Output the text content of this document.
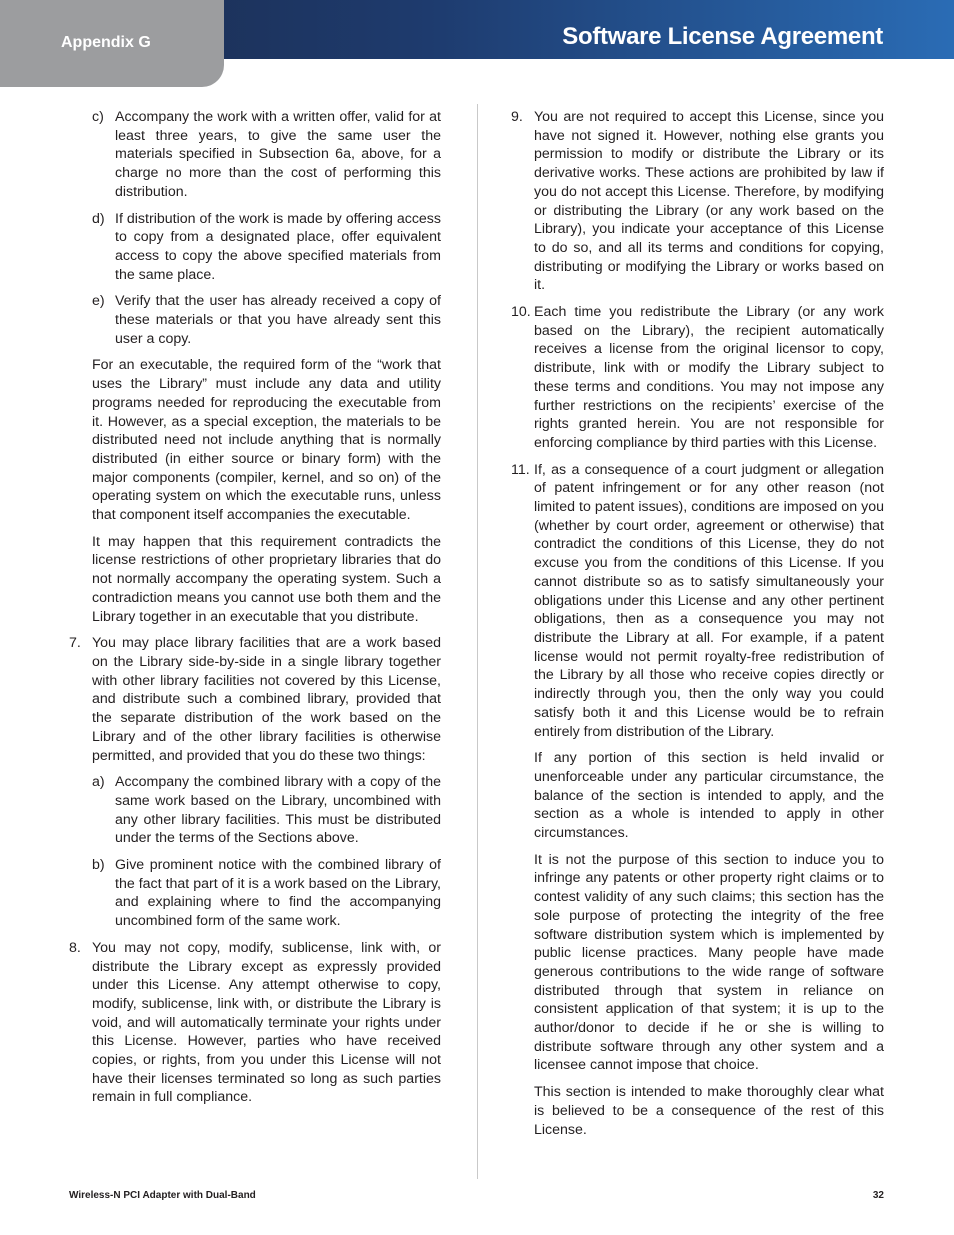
Appendix G	Software License Agreement
c) Accompany the work with a written offer, valid for at least three years, to give the same user the materials specified in Subsection 6a, above, for a charge no more than the cost of performing this distribution.
d) If distribution of the work is made by offering access to copy from a designated place, offer equivalent access to copy the above specified materials from the same place.
e) Verify that the user has already received a copy of these materials or that you have already sent this user a copy.
For an executable, the required form of the “work that uses the Library” must include any data and utility programs needed for reproducing the executable from it. However, as a special exception, the materials to be distributed need not include anything that is normally distributed (in either source or binary form) with the major components (compiler, kernel, and so on) of the operating system on which the executable runs, unless that component itself accompanies the executable.
It may happen that this requirement contradicts the license restrictions of other proprietary libraries that do not normally accompany the operating system. Such a contradiction means you cannot use both them and the Library together in an executable that you distribute.
7. You may place library facilities that are a work based on the Library side-by-side in a single library together with other library facilities not covered by this License, and distribute such a combined library, provided that the separate distribution of the work based on the Library and of the other library facilities is otherwise permitted, and provided that you do these two things:
a) Accompany the combined library with a copy of the same work based on the Library, uncombined with any other library facilities. This must be distributed under the terms of the Sections above.
b) Give prominent notice with the combined library of the fact that part of it is a work based on the Library, and explaining where to find the accompanying uncombined form of the same work.
8. You may not copy, modify, sublicense, link with, or distribute the Library except as expressly provided under this License. Any attempt otherwise to copy, modify, sublicense, link with, or distribute the Library is void, and will automatically terminate your rights under this License. However, parties who have received copies, or rights, from you under this License will not have their licenses terminated so long as such parties remain in full compliance.
9. You are not required to accept this License, since you have not signed it. However, nothing else grants you permission to modify or distribute the Library or its derivative works. These actions are prohibited by law if you do not accept this License. Therefore, by modifying or distributing the Library (or any work based on the Library), you indicate your acceptance of this License to do so, and all its terms and conditions for copying, distributing or modifying the Library or works based on it.
10. Each time you redistribute the Library (or any work based on the Library), the recipient automatically receives a license from the original licensor to copy, distribute, link with or modify the Library subject to these terms and conditions. You may not impose any further restrictions on the recipients’ exercise of the rights granted herein. You are not responsible for enforcing compliance by third parties with this License.
11. If, as a consequence of a court judgment or allegation of patent infringement or for any other reason (not limited to patent issues), conditions are imposed on you (whether by court order, agreement or otherwise) that contradict the conditions of this License, they do not excuse you from the conditions of this License. If you cannot distribute so as to satisfy simultaneously your obligations under this License and any other pertinent obligations, then as a consequence you may not distribute the Library at all. For example, if a patent license would not permit royalty-free redistribution of the Library by all those who receive copies directly or indirectly through you, then the only way you could satisfy both it and this License would be to refrain entirely from distribution of the Library.
If any portion of this section is held invalid or unenforceable under any particular circumstance, the balance of the section is intended to apply, and the section as a whole is intended to apply in other circumstances.
It is not the purpose of this section to induce you to infringe any patents or other property right claims or to contest validity of any such claims; this section has the sole purpose of protecting the integrity of the free software distribution system which is implemented by public license practices. Many people have made generous contributions to the wide range of software distributed through that system in reliance on consistent application of that system; it is up to the author/donor to decide if he or she is willing to distribute software through any other system and a licensee cannot impose that choice.
This section is intended to make thoroughly clear what is believed to be a consequence of the rest of this License.
Wireless-N PCI Adapter with Dual-Band	32
